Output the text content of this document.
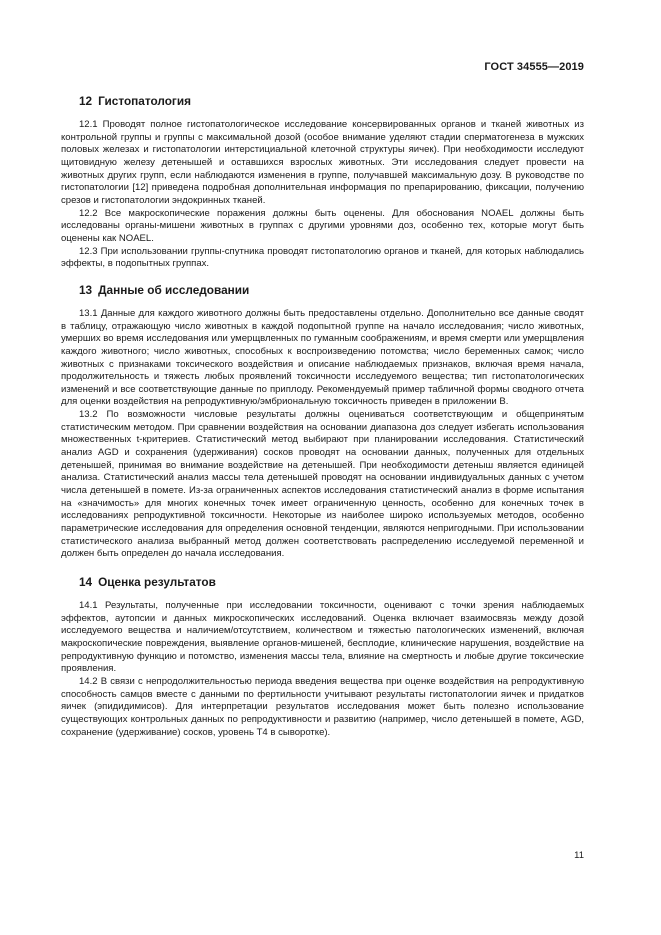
ГОСТ 34555—2019
12 Гистопатология

12.1 Проводят полное гистопатологическое исследование консервированных органов и тканей животных из контрольной группы и группы с максимальной дозой (особое внимание уделяют стадии сперматогенеза в мужских половых железах и гистопатологии интерстициальной клеточной структуры яичек). При необходимости исследуют щитовидную железу детенышей и оставшихся взрослых животных. Эти исследования следует провести на животных других групп, если наблюдаются изменения в группе, получавшей максимальную дозу. В руководстве по гистопатологии [12] приведена подробная дополнительная информация по препарированию, фиксации, получению срезов и гистопатологии эндокринных тканей.

12.2 Все макроскопические поражения должны быть оценены. Для обоснования NOAEL должны быть исследованы органы-мишени животных в группах с другими уровнями доз, особенно тех, которые могут быть оценены как NOAEL.

12.3 При использовании группы-спутника проводят гистопатологию органов и тканей, для которых наблюдались эффекты, в подопытных группах.

13 Данные об исследовании

13.1 Данные для каждого животного должны быть предоставлены отдельно. Дополнительно все данные сводят в таблицу, отражающую число животных в каждой подопытной группе на начало исследования; число животных, умерших во время исследования или умерщвленных по гуманным соображениям, и время смерти или умерщвления каждого животного; число животных, способных к воспроизведению потомства; число беременных самок; число животных с признаками токсического воздействия и описание наблюдаемых признаков, включая время начала, продолжительность и тяжесть любых проявлений токсичности исследуемого вещества; тип гистопатологических изменений и все соответствующие данные по приплоду. Рекомендуемый пример табличной формы сводного отчета для оценки воздействия на репродуктивную/эмбриональную токсичность приведен в приложении В.

13.2 По возможности числовые результаты должны оцениваться соответствующим и общепринятым статистическим методом. При сравнении воздействия на основании диапазона доз следует избегать использования множественных t-критериев. Статистический метод выбирают при планировании исследования. Статистический анализ AGD и сохранения (удерживания) сосков проводят на основании данных, полученных для отдельных детенышей, принимая во внимание воздействие на детенышей. При необходимости детеныш является единицей анализа. Статистический анализ массы тела детенышей проводят на основании индивидуальных данных с учетом числа детенышей в помете. Из-за ограниченных аспектов исследования статистический анализ в форме испытания на «значимость» для многих конечных точек имеет ограниченную ценность, особенно для конечных точек в исследованиях репродуктивной токсичности. Некоторые из наиболее широко используемых методов, особенно параметрические исследования для определения основной тенденции, являются непригодными. При использовании статистического анализа выбранный метод должен соответствовать распределению исследуемой переменной и должен быть определен до начала исследования.

14 Оценка результатов

14.1 Результаты, полученные при исследовании токсичности, оценивают с точки зрения наблюдаемых эффектов, аутопсии и данных микроскопических исследований. Оценка включает взаимосвязь между дозой исследуемого вещества и наличием/отсутствием, количеством и тяжестью патологических изменений, включая макроскопические повреждения, выявление органов-мишеней, бесплодие, клинические нарушения, воздействие на репродуктивную функцию и потомство, изменения массы тела, влияние на смертность и любые другие токсические проявления.

14.2 В связи с непродолжительностью периода введения вещества при оценке воздействия на репродуктивную способность самцов вместе с данными по фертильности учитывают результаты гистопатологии яичек и придатков яичек (эпидидимисов). Для интерпретации результатов исследования может быть полезно использование существующих контрольных данных по репродуктивности и развитию (например, число детенышей в помете, AGD, сохранение (удерживание) сосков, уровень Т4 в сыворотке).

11
